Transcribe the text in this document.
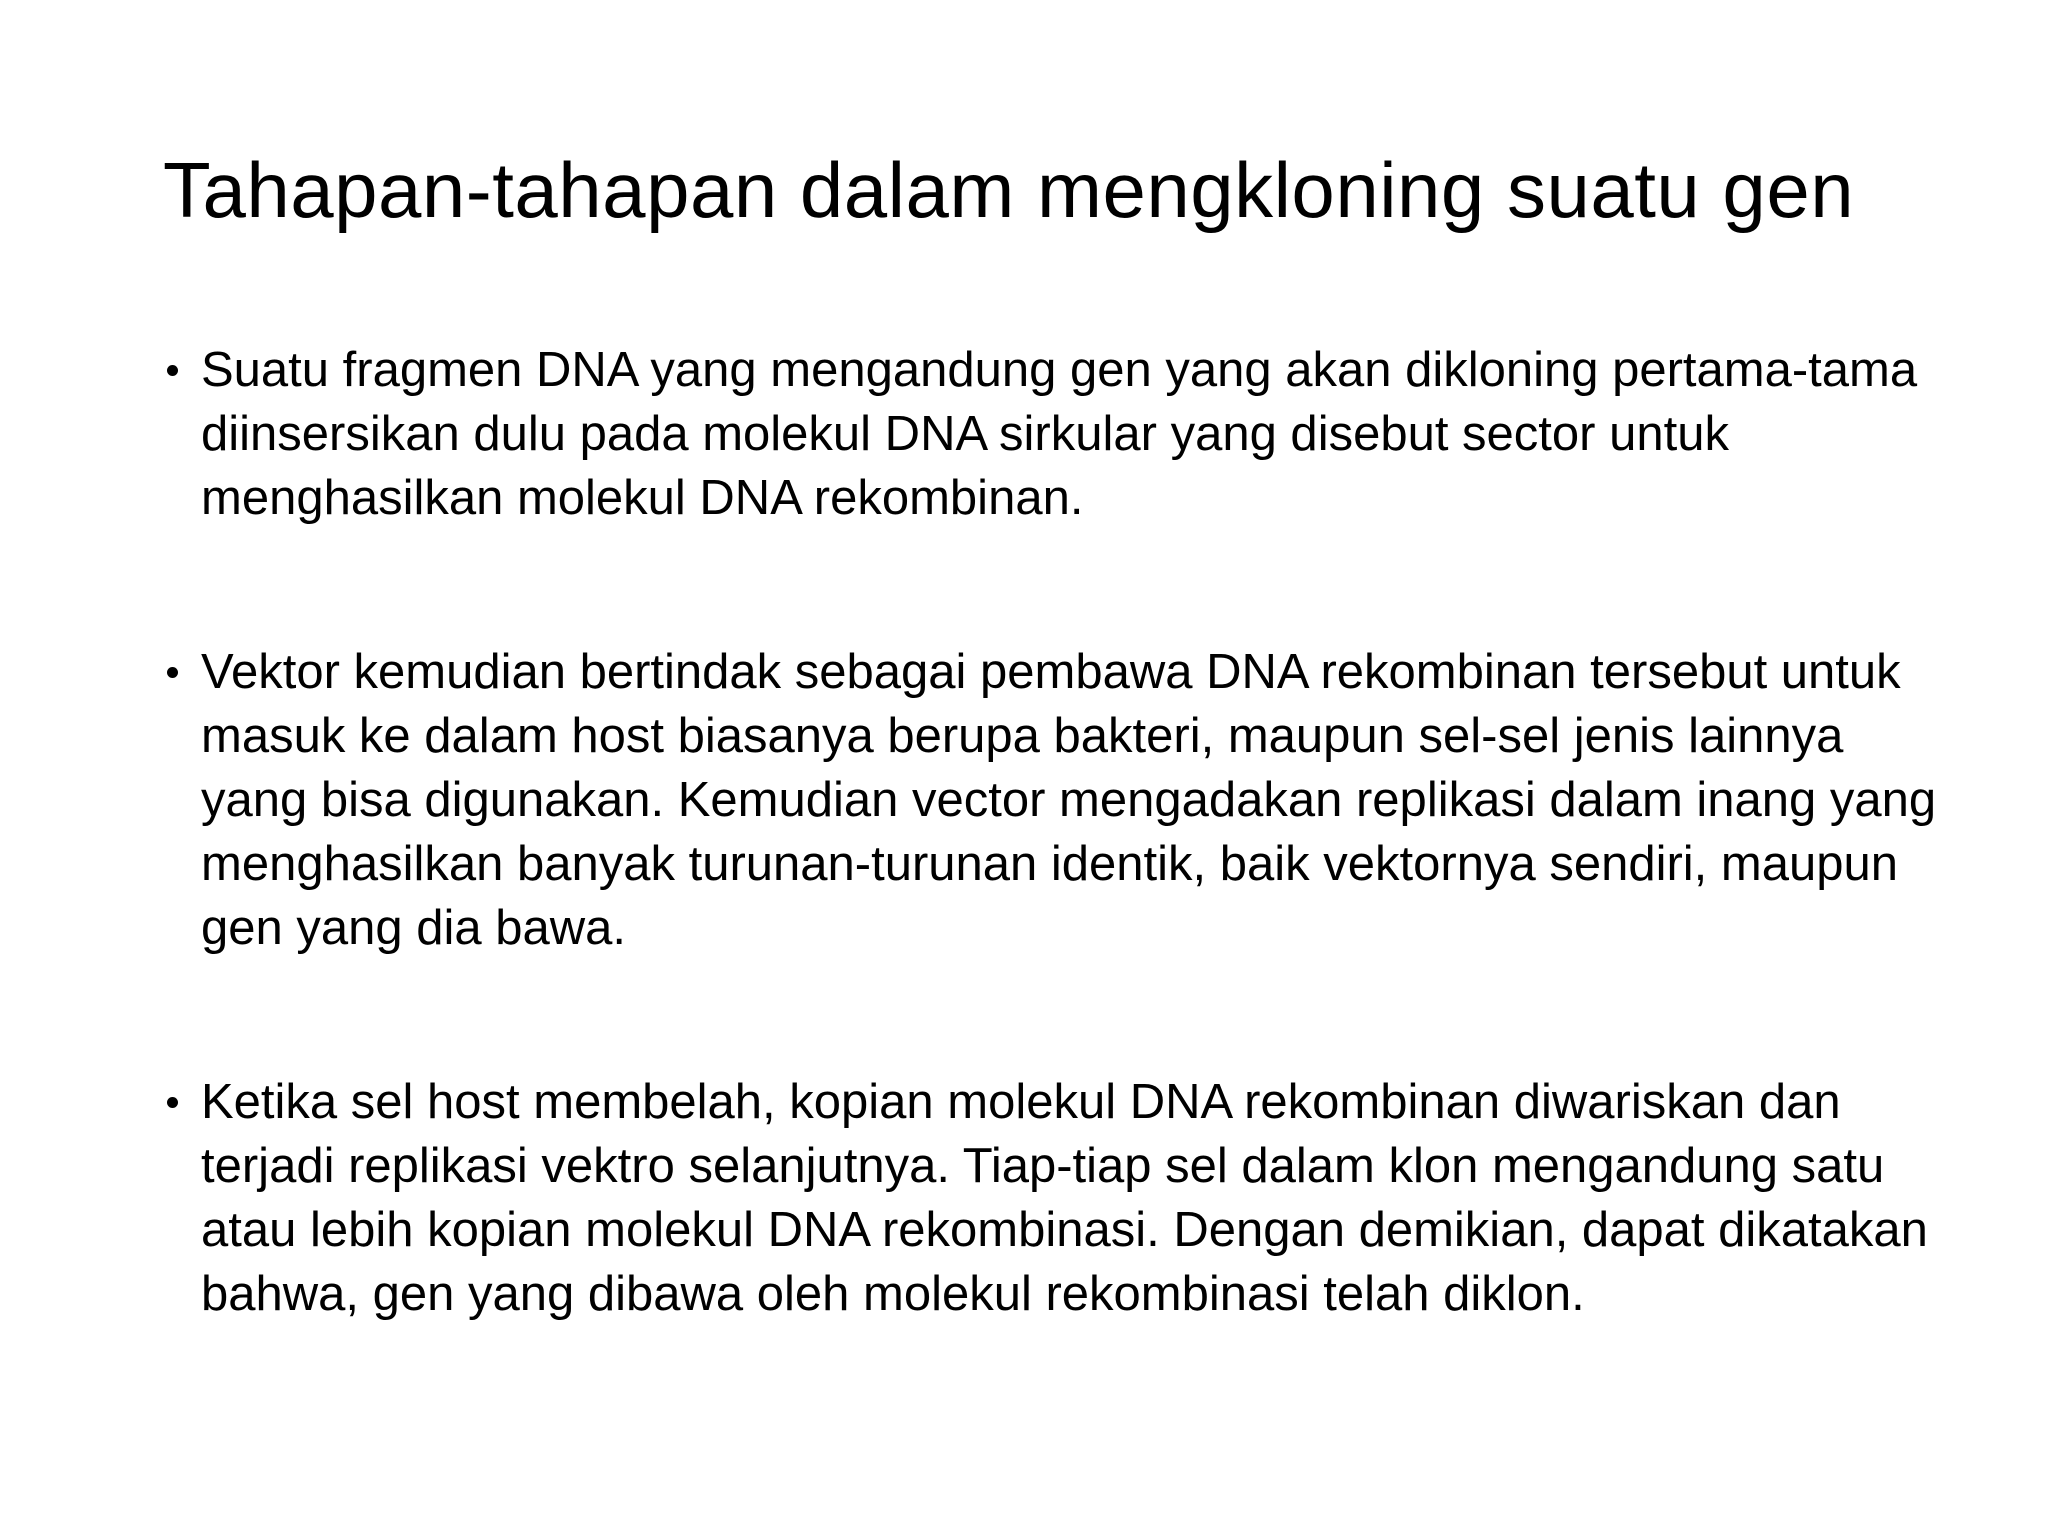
Tahapan-tahapan dalam mengkloning suatu gen
Suatu fragmen DNA yang mengandung gen yang akan dikloning pertama-tama diinsersikan dulu pada molekul DNA sirkular yang disebut sector untuk menghasilkan molekul DNA rekombinan.
Vektor kemudian bertindak sebagai pembawa DNA rekombinan tersebut untuk masuk ke dalam host biasanya berupa bakteri, maupun sel-sel jenis lainnya yang bisa digunakan. Kemudian vector mengadakan replikasi dalam inang yang menghasilkan banyak turunan-turunan identik, baik vektornya sendiri, maupun gen yang dia bawa.
Ketika sel host membelah, kopian molekul DNA rekombinan diwariskan dan terjadi replikasi vektro selanjutnya. Tiap-tiap sel dalam klon mengandung satu atau lebih kopian molekul DNA rekombinasi. Dengan demikian, dapat dikatakan bahwa, gen yang dibawa oleh molekul rekombinasi telah diklon.
